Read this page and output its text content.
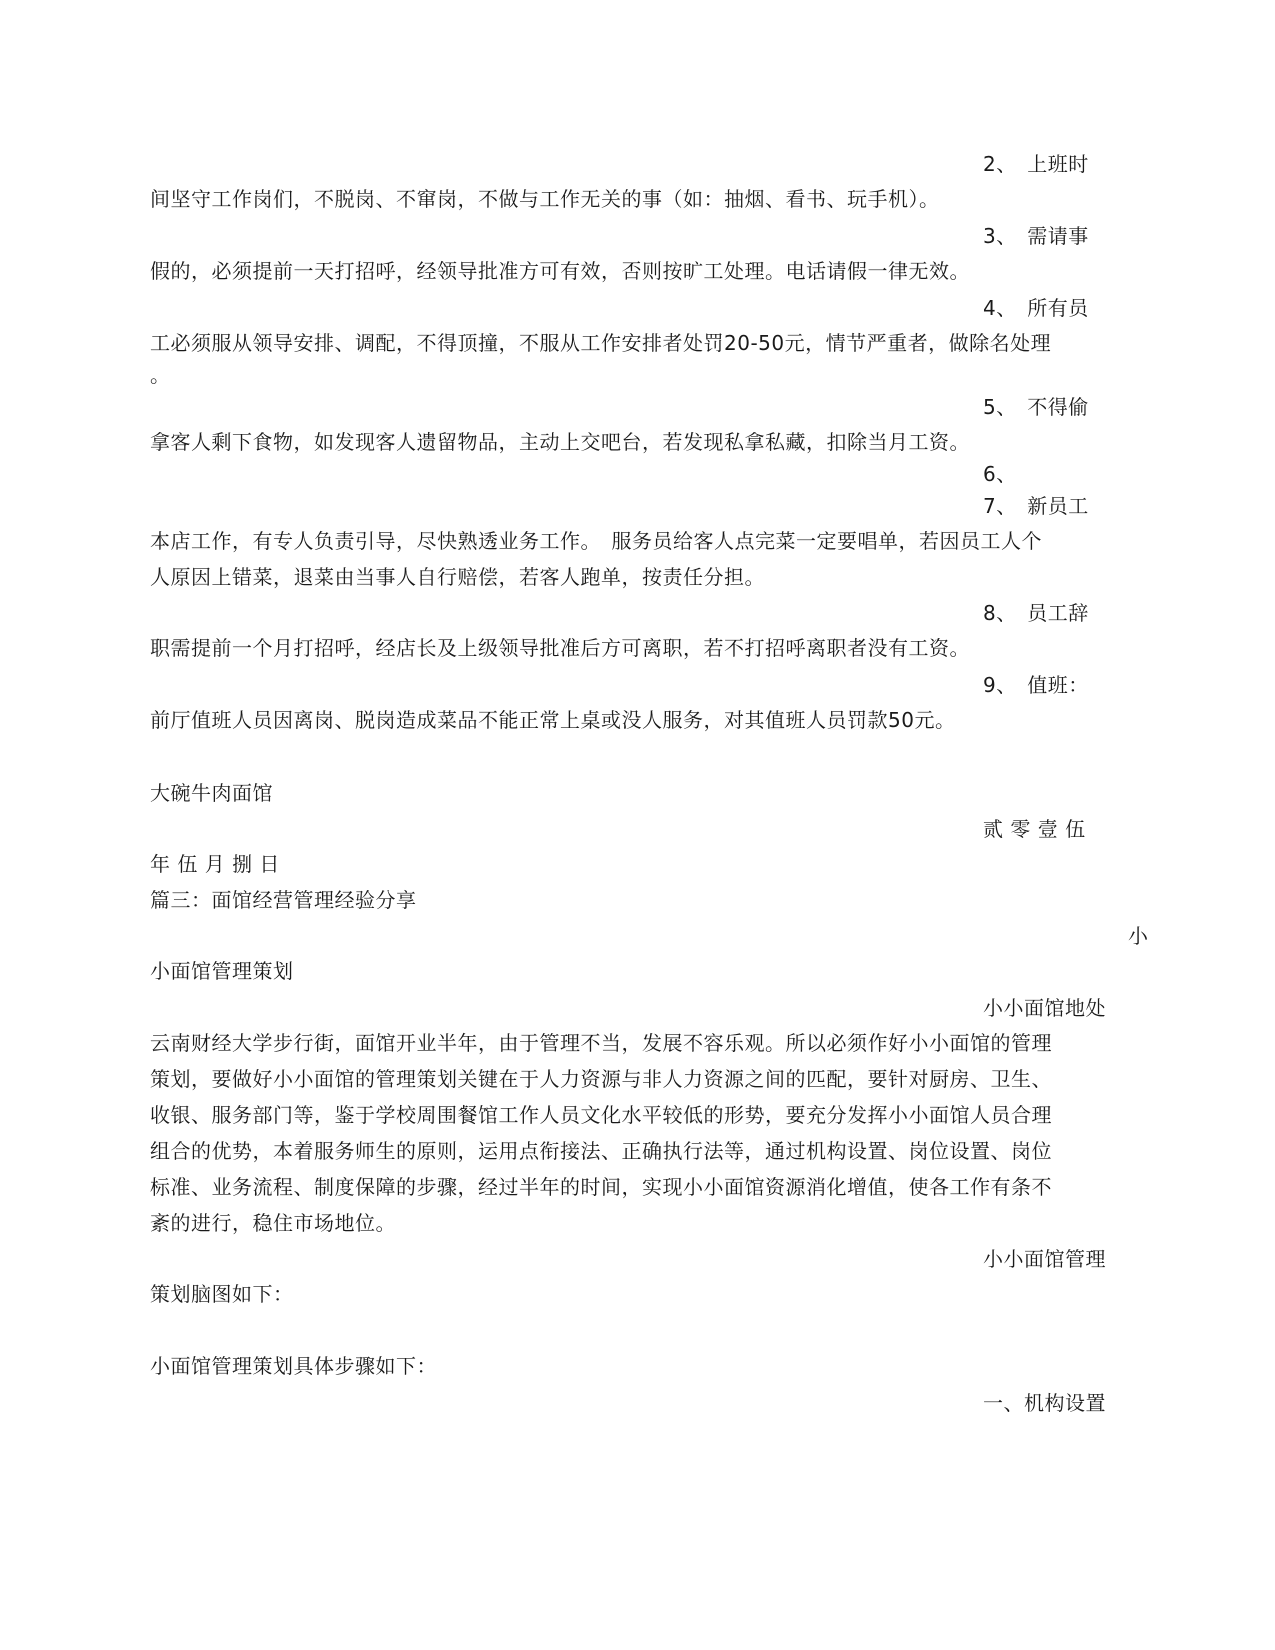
2、　上班时
间坚守工作岗们，不脱岗、不窜岗，不做与工作无关的事（如：抽烟、看书、玩手机）。
3、　需请事
假的，必须提前一天打招呼，经领导批准方可有效，否则按旷工处理。电话请假一律无效。
4、　所有员
工必须服从领导安排、调配，不得顶撞，不服从工作安排者处罚20-50元，情节严重者，做除名处理
。
5、　不得偷
拿客人剩下食物，如发现客人遗留物品，主动上交吧台，若发现私拿私藏，扣除当月工资。
6、
7、　新员工
本店工作，有专人负责引导，尽快熟透业务工作。　服务员给客人点完菜一定要唱单，若因员工人个
人原因上错菜，退菜由当事人自行赔偿，若客人跑单，按责任分担。
8、　员工辞
职需提前一个月打招呼，经店长及上级领导批准后方可离职，若不打招呼离职者没有工资。
9、　值班：
前厅值班人员因离岗、脱岗造成菜品不能正常上桌或没人服务，对其值班人员罚款50元。
大碗牛肉面馆
贰 零 壹 伍
年 伍 月 捌 日
篇三：面馆经营管理经验分享
小
小面馆管理策划
小小面馆地处
云南财经大学步行街，面馆开业半年，由于管理不当，发展不容乐观。所以必须作好小小面馆的管理
策划，要做好小小面馆的管理策划关键在于人力资源与非人力资源之间的匹配，要针对厨房、卫生、
收银、服务部门等，鉴于学校周围餐馆工作人员文化水平较低的形势，要充分发挥小小面馆人员合理
组合的优势，本着服务师生的原则，运用点衔接法、正确执行法等，通过机构设置、岗位设置、岗位
标准、业务流程、制度保障的步骤，经过半年的时间，实现小小面馆资源消化增值，使各工作有条不
紊的进行，稳住市场地位。
小小面馆管理
策划脑图如下：
小面馆管理策划具体步骤如下：
一、机构设置
